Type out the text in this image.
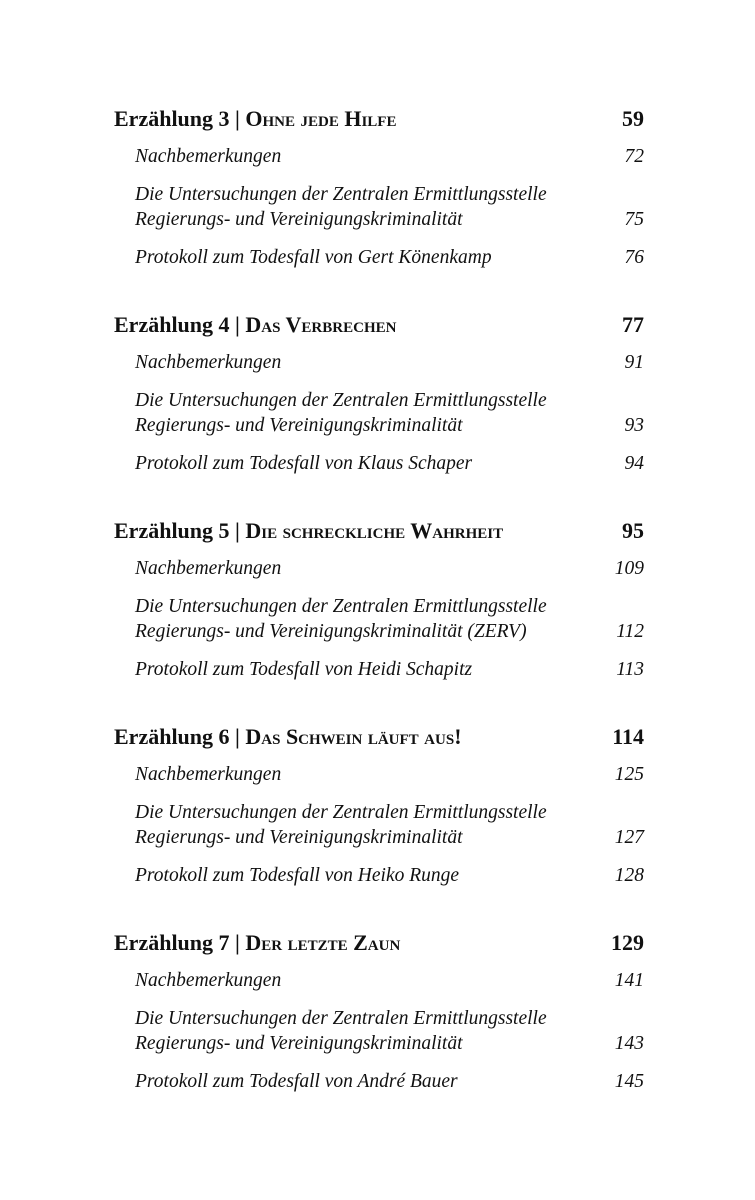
Erzählung 3 | Ohne jede Hilfe	59
Nachbemerkungen	72
Die Untersuchungen der Zentralen Ermittlungsstelle
Regierungs- und Vereinigungskriminalität	75
Protokoll zum Todesfall von Gert Könenkamp	76
Erzählung 4 | Das Verbrechen	77
Nachbemerkungen	91
Die Untersuchungen der Zentralen Ermittlungsstelle
Regierungs- und Vereinigungskriminalität	93
Protokoll zum Todesfall von Klaus Schaper	94
Erzählung 5 | Die schreckliche Wahrheit	95
Nachbemerkungen	109
Die Untersuchungen der Zentralen Ermittlungsstelle
Regierungs- und Vereinigungskriminalität (ZERV)	112
Protokoll zum Todesfall von Heidi Schapitz	113
Erzählung 6 | Das Schwein läuft aus!	114
Nachbemerkungen	125
Die Untersuchungen der Zentralen Ermittlungsstelle
Regierungs- und Vereinigungskriminalität	127
Protokoll zum Todesfall von Heiko Runge	128
Erzählung 7 | Der letzte Zaun	129
Nachbemerkungen	141
Die Untersuchungen der Zentralen Ermittlungsstelle
Regierungs- und Vereinigungskriminalität	143
Protokoll zum Todesfall von André Bauer	145
